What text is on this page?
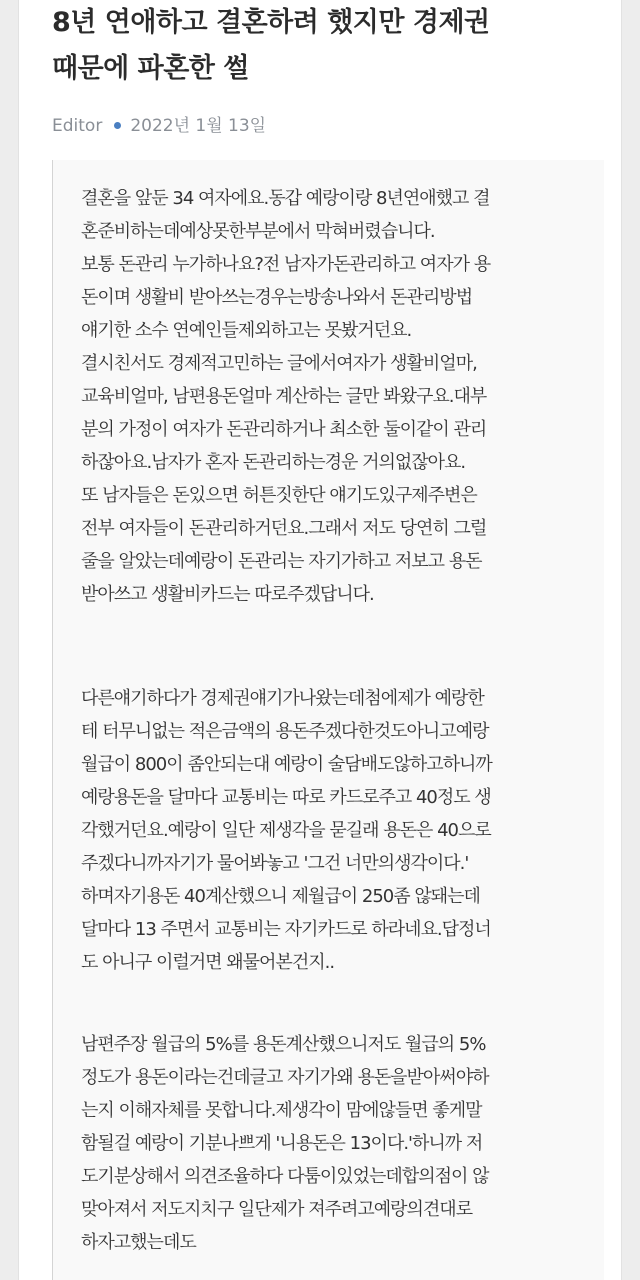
8년 연애하고 결혼하려 했지만 경제권
때문에 파혼한 썰
Editor 2022년 1월 13일
결혼을 앞둔 34 여자에요.동갑 예랑이랑 8년연애했고 결
혼준비하는데예상못한부분에서 막혀버렸습니다.
보통 돈관리 누가하나요?전 남자가돈관리하고 여자가 용
돈이며 생활비 받아쓰는경우는방송나와서 돈관리방법
얘기한 소수 연예인들제외하고는 못봤거던요.
결시친서도 경제적고민하는 글에서여자가 생활비얼마,
교육비얼마, 남편용돈얼마 계산하는 글만 봐왔구요.대부
분의 가정이 여자가 돈관리하거나 최소한 둘이같이 관리
하잖아요.남자가 혼자 돈관리하는경운 거의없잖아요.
또 남자들은 돈있으면 허튼짓한단 얘기도있구제주변은
전부 여자들이 돈관리하거던요.그래서 저도 당연히 그럴
줄을 알았는데예랑이 돈관리는 자기가하고 저보고 용돈
받아쓰고 생활비카드는 따로주겠답니다.
다른얘기하다가 경제권얘기가나왔는데첨에제가 예랑한
테 터무니없는 적은금액의 용돈주겠다한것도아니고예랑
월급이 800이 좀안되는대 예랑이 술담배도않하고하니까
예랑용돈을 달마다 교통비는 따로 카드로주고 40정도 생
각했거던요.예랑이 일단 제생각을 묻길래 용돈은 40으로
주겠다니까자기가 물어봐놓고 '그건 너만의생각이다.'
하며자기용돈 40계산했으니 제월급이 250좀 않돼는데
달마다 13 주면서 교통비는 자기카드로 하라네요.답정너
도 아니구 이럴거면 왜물어본건지..
남편주장 월급의 5%를 용돈계산했으니저도 월급의 5%
정도가 용돈이라는건데글고 자기가왜 용돈을받아써야하
는지 이해자체를 못합니다.제생각이 맘에않들면 좋게말
함될걸 예랑이 기분나쁘게 '니용돈은 13이다.'하니까 저
도기분상해서 의견조율하다 다툼이있었는데합의점이 않
맞아져서 저도지치구 일단제가 져주려고예랑의견대로
하자고했는데도
